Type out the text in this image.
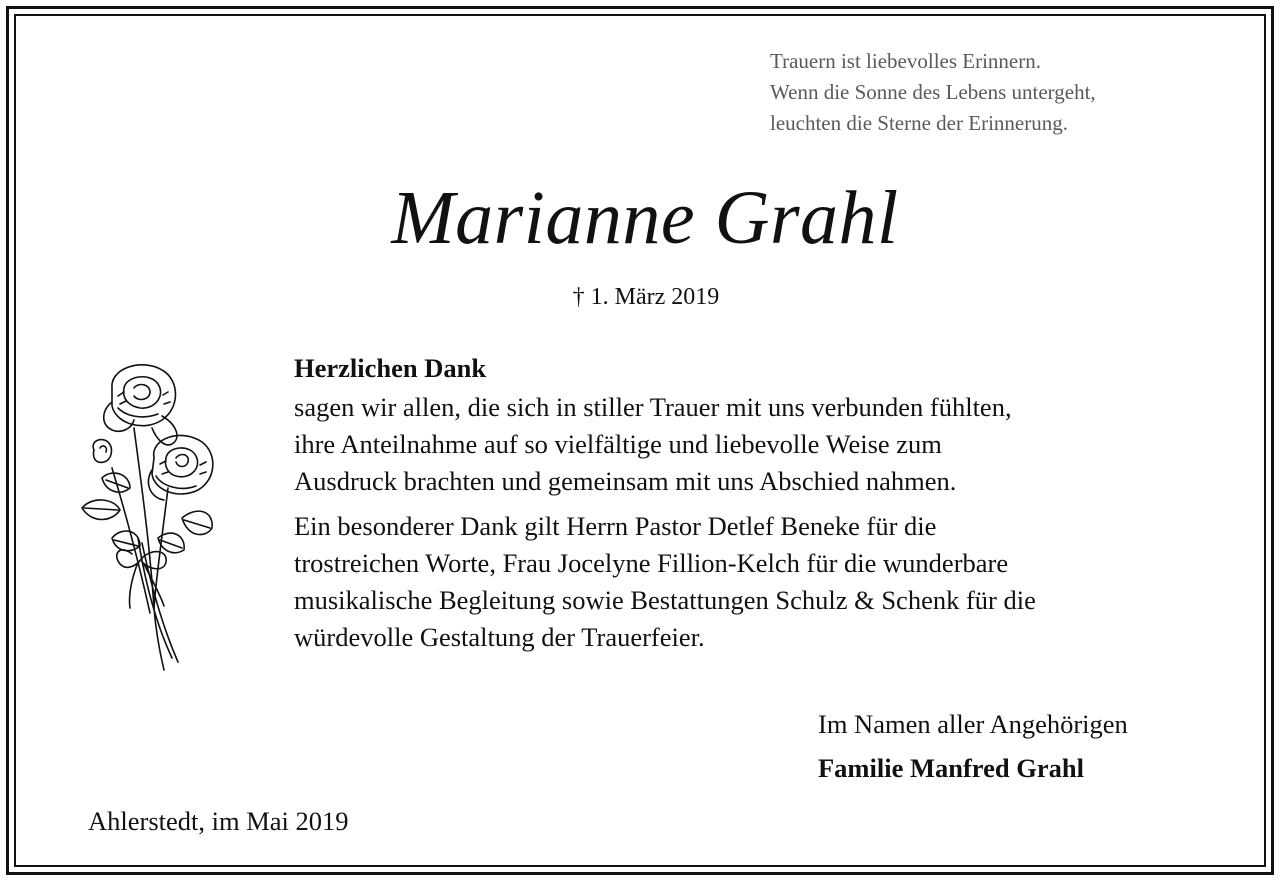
Trauern ist liebevolles Erinnern.
Wenn die Sonne des Lebens untergeht,
leuchten die Sterne der Erinnerung.
Marianne Grahl
† 1. März 2019
Herzlichen Dank
sagen wir allen, die sich in stiller Trauer mit uns verbunden fühlten,
ihre Anteilnahme auf so vielfältige und liebevolle Weise zum
Ausdruck brachten und gemeinsam mit uns Abschied nahmen.
Ein besonderer Dank gilt Herrn Pastor Detlef Beneke für die
trostreichen Worte, Frau Jocelyne Fillion-Kelch für die wunderbare
musikalische Begleitung sowie Bestattungen Schulz & Schenk für die
würdevolle Gestaltung der Trauerfeier.
Im Namen aller Angehörigen
Familie Manfred Grahl
Ahlerstedt, im Mai 2019
